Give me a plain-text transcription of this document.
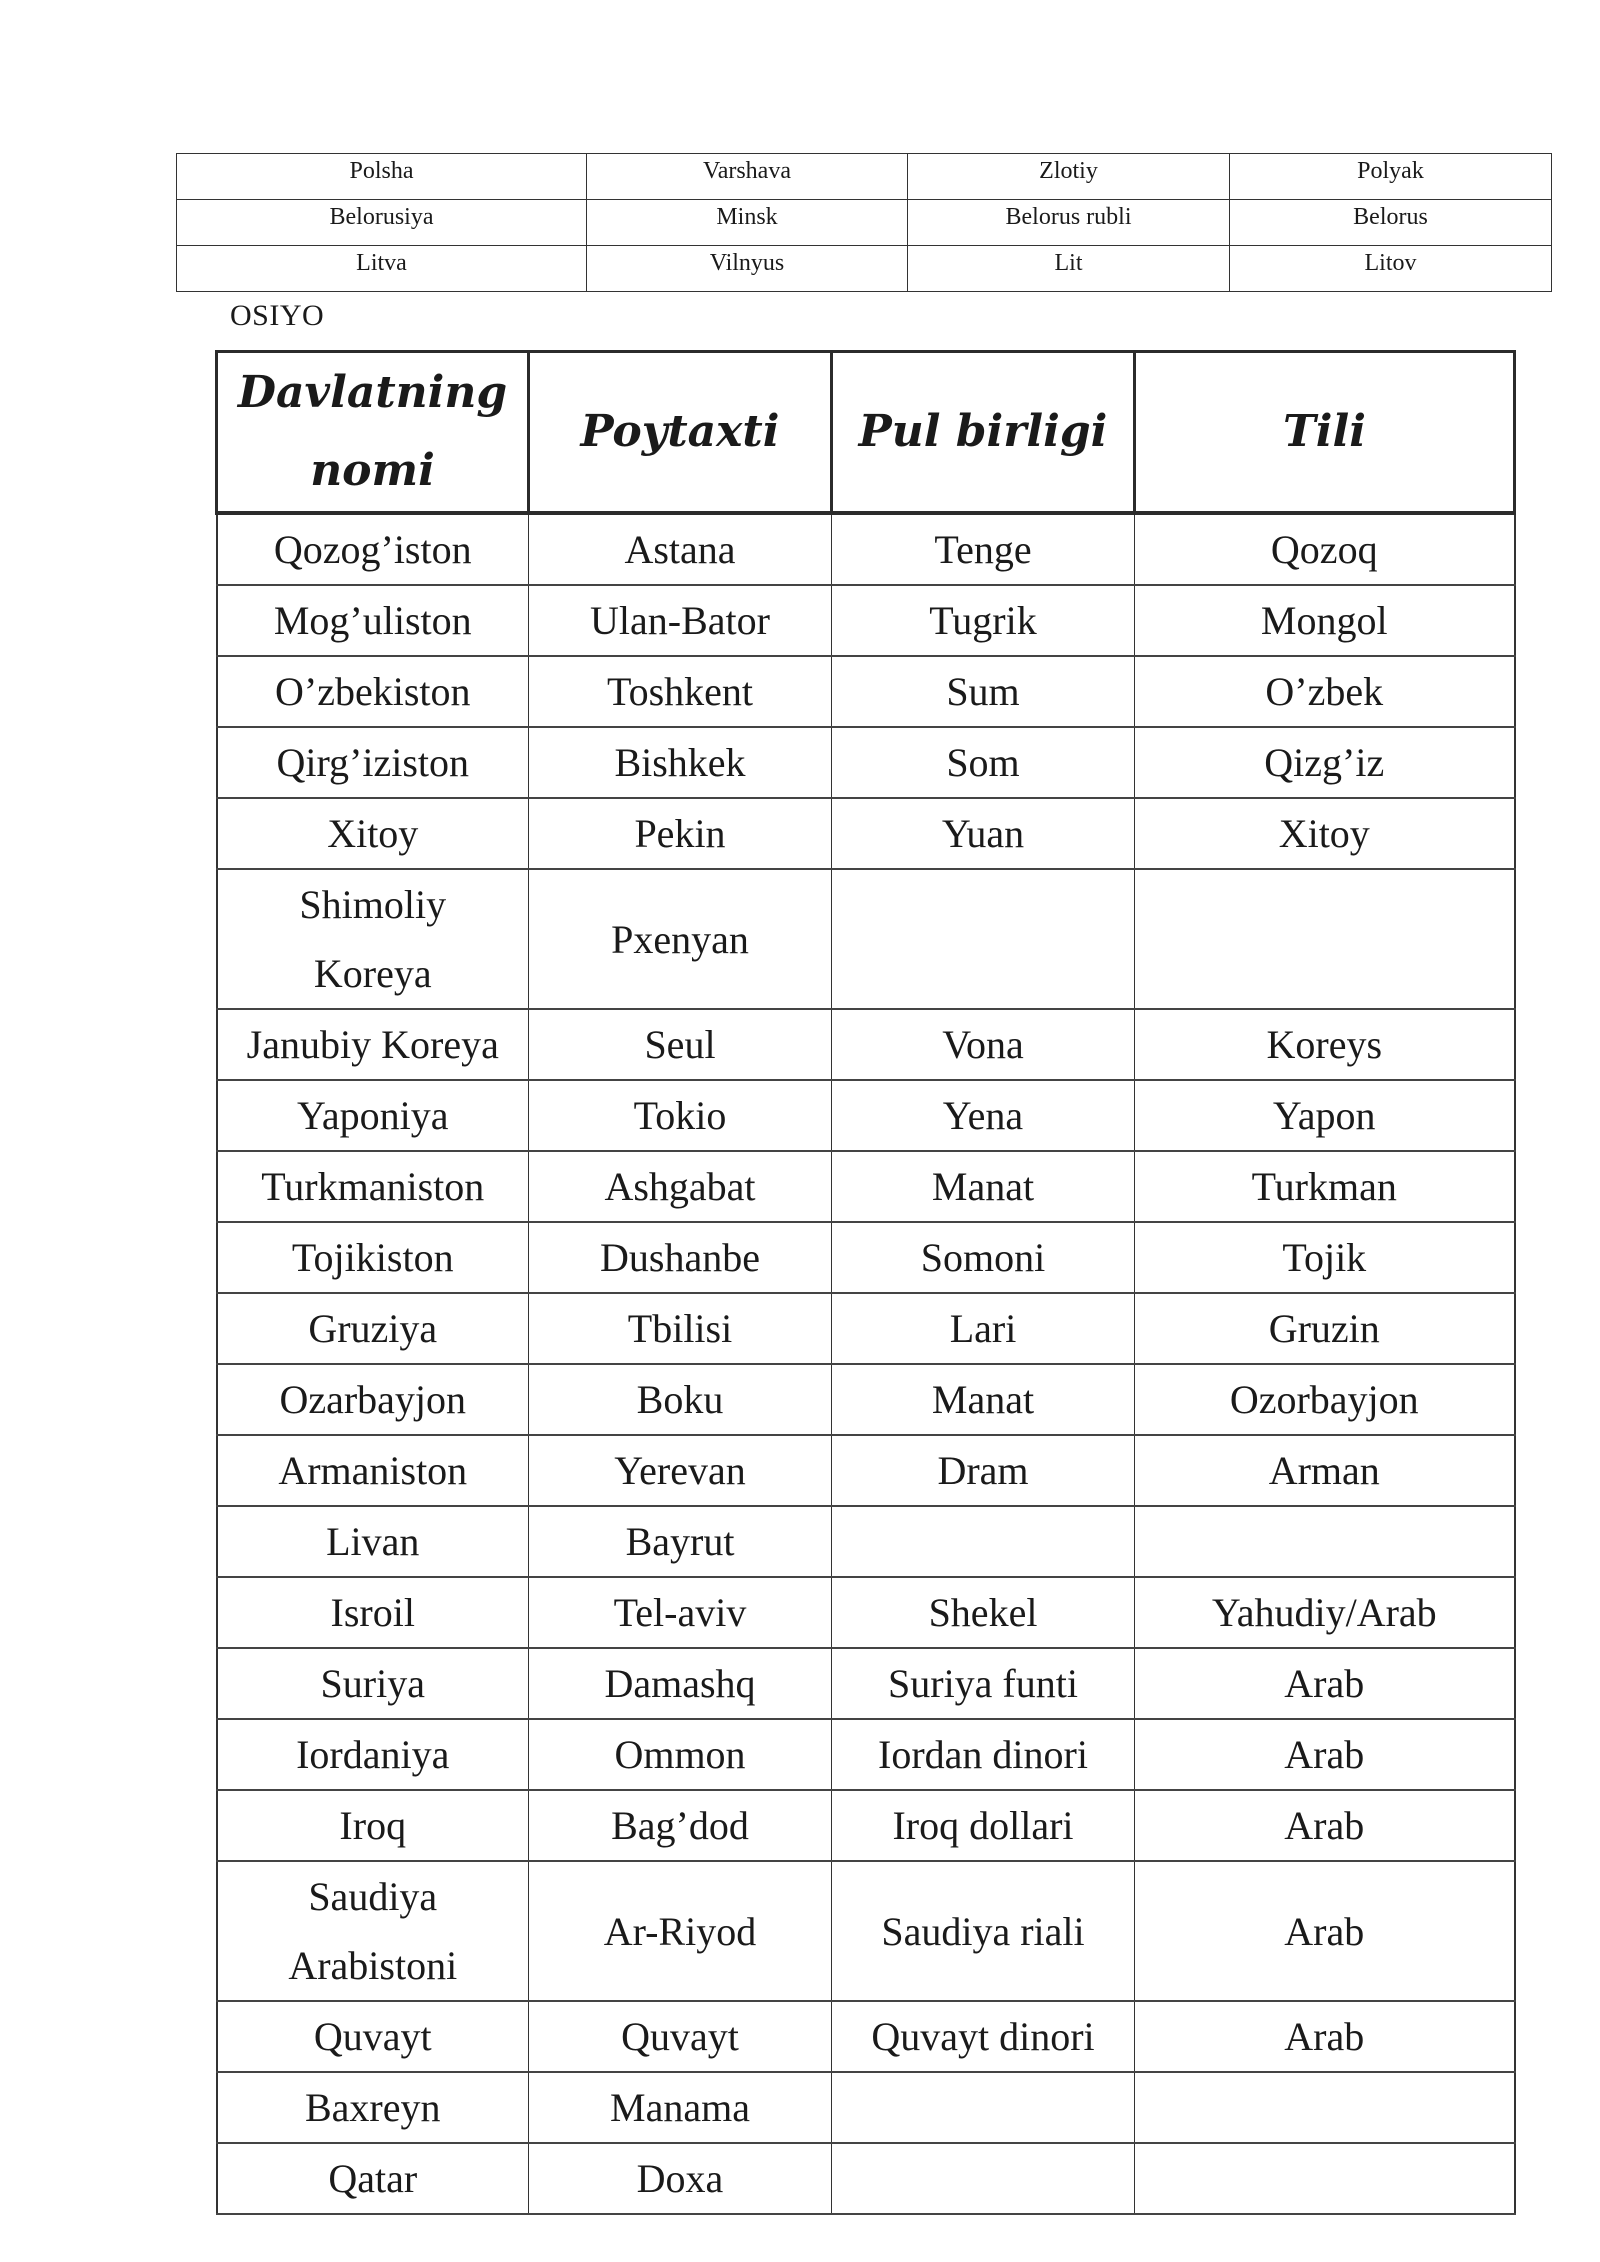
Polsha	Varshava	Zlotiy	Polyak
Belorusiya	Minsk	Belorus rubli	Belorus
Litva	Vilnyus	Lit	Litov
OSIYO
Davlatning nomi	Poytaxti	Pul birligi	Tili
Qozog’iston	Astana	Tenge	Qozoq
Mog’uliston	Ulan-Bator	Tugrik	Mongol
O’zbekiston	Toshkent	Sum	O’zbek
Qirg’iziston	Bishkek	Som	Qizg’iz
Xitoy	Pekin	Yuan	Xitoy
Shimoliy Koreya	Pxenyan		
Janubiy Koreya	Seul	Vona	Koreys
Yaponiya	Tokio	Yena	Yapon
Turkmaniston	Ashgabat	Manat	Turkman
Tojikiston	Dushanbe	Somoni	Tojik
Gruziya	Tbilisi	Lari	Gruzin
Ozarbayjon	Boku	Manat	Ozorbayjon
Armaniston	Yerevan	Dram	Arman
Livan	Bayrut		
Isroil	Tel-aviv	Shekel	Yahudiy/Arab
Suriya	Damashq	Suriya funti	Arab
Iordaniya	Ommon	Iordan dinori	Arab
Iroq	Bag’dod	Iroq dollari	Arab
Saudiya Arabistoni	Ar-Riyod	Saudiya riali	Arab
Quvayt	Quvayt	Quvayt dinori	Arab
Baxreyn	Manama		
Qatar	Doxa		
